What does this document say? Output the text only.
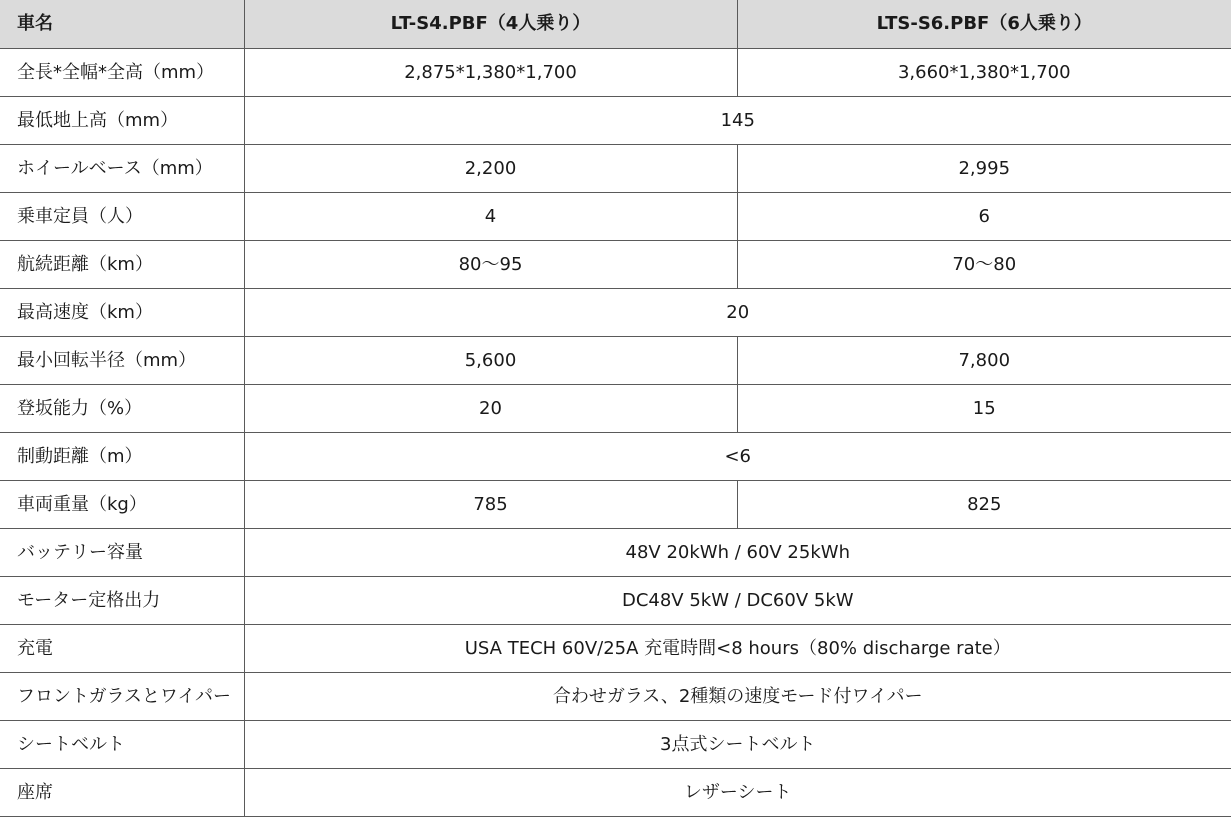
車名	LT-S4.PBF（4人乗り）	LTS-S6.PBF（6人乗り）
全長*全幅*全高（mm）	2,875*1,380*1,700	3,660*1,380*1,700
最低地上高（mm）	145	
ホイールベース（mm）	2,200	2,995
乗車定員（人）	4	6
航続距離（km）	80～95	70～80
最高速度（km）	20	
最小回転半径（mm）	5,600	7,800
登坂能力（%）	20	15
制動距離（m）	<6	
車両重量（kg）	785	825
バッテリー容量	48V 20kWh / 60V 25kWh	
モーター定格出力	DC48V 5kW / DC60V 5kW	
充電	USA TECH 60V/25A 充電時間<8 hours（80% discharge rate）	
フロントガラスとワイパー	合わせガラス、2種類の速度モード付ワイパー	
シートベルト	3点式シートベルト	
座席	レザーシート	
